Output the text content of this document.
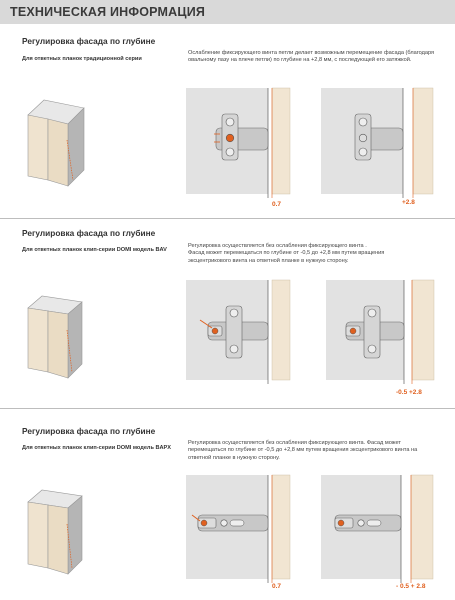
ТЕХНИЧЕСКАЯ ИНФОРМАЦИЯ
Регулировка фасада по глубине
Для ответных планок традиционной серии
Ослабление фиксирующего винта петли делает возможным перемещение фасада (благодаря овальному пазу на плече петли) по глубине на +2,8 мм, с последующей его затяжкой.
0.7	+2.8
Регулировка фасада по глубине
Для ответных планок клип-серии DOMI модель BAV
Регулировка осуществляется без ослабления фиксирующего винта .
Фасад может перемещаться по глубине от -0,5 до +2,8 мм путем вращения
эксцентрикового винта на ответной планке в нужную сторону.
-0.5 +2.8
Регулировка фасада по глубине
Для ответных планок клип-серии DOMI модель BAPX
Регулировка осуществляется без ослабления фиксирующего винта. Фасад может перемещаться по глубине от -0,5 до +2,8 мм путем вращения эксцентрикового винта на ответной планке в нужную сторону.
0.7	- 0.5 + 2.8
